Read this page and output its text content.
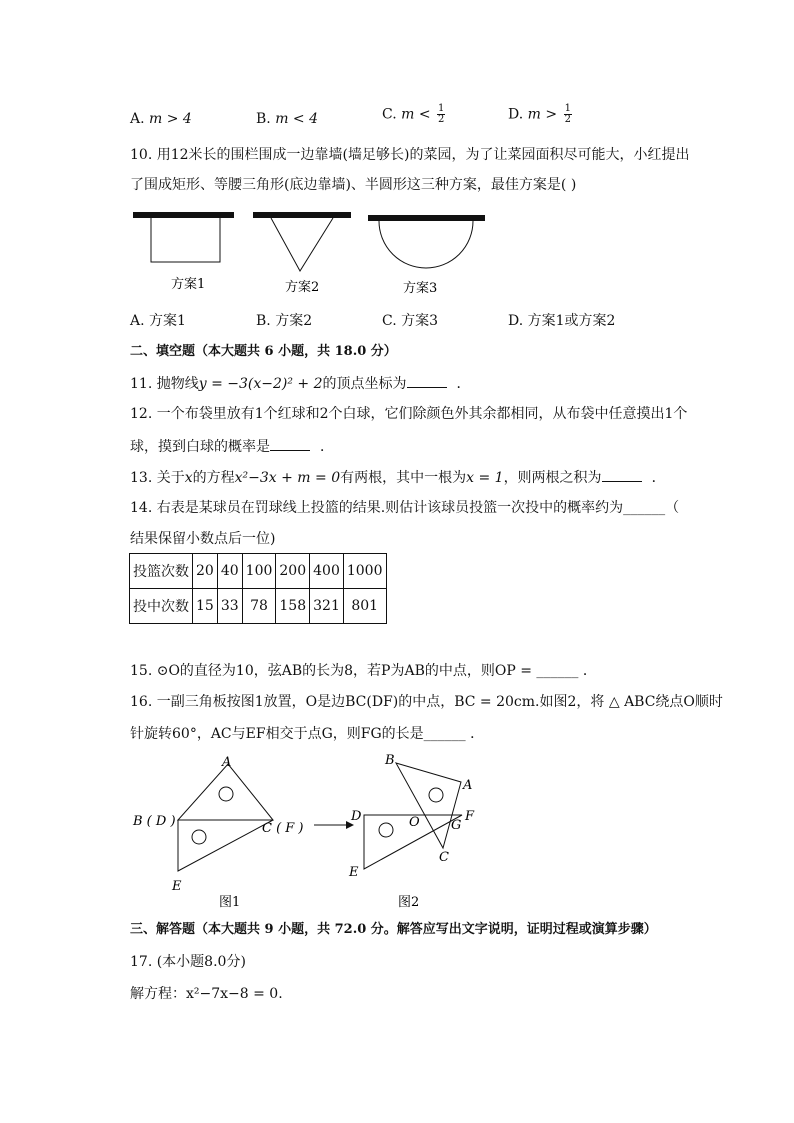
A. m > 4	B. m < 4	C. $m < \frac{1}{2}$	D. $m > \frac{1}{2}$
10. 用12米长的围栏围成一边靠墙(墙足够长)的菜园，为了让菜园面积尽可能大，小红提出
了围成矩形、等腰三角形(底边靠墙)、半圆形这三种方案，最佳方案是( )
方案1	方案2	方案3
A. 方案1	B. 方案2	C. 方案3	D. 方案1或方案2
二、填空题（本大题共 6 小题，共 18.0 分）
11. 抛物线y = −3(x−2)² + 2的顶点坐标为	．
12. 一个布袋里放有1个红球和2个白球，它们除颜色外其余都相同，从布袋中任意摸出1个
球，摸到白球的概率是	．
13. 关于x的方程x²−3x + m = 0有两根，其中一根为x = 1，则两根之积为	．
14. 右表是某球员在罚球线上投篮的结果.则估计该球员投篮一次投中的概率约为______（
结果保留小数点后一位)
投篮次数	20	40	100	200	400	1000
投中次数	15	33	78	158	321	801
15. ⊙O的直径为10，弦AB的长为8，若P为AB的中点，则OP = ______ ．
16. 一副三角板按图1放置，O是边BC(DF)的中点，BC = 20cm.如图2，将 △ ABC绕点O顺时
针旋转60°，AC与EF相交于点G，则FG的长是______ ．
A
B ( D )	C ( F )
E
图1
B
A
D	O	F
G
C
E
图2
三、解答题（本大题共 9 小题，共 72.0 分。解答应写出文字说明，证明过程或演算步骤）
17. (本小题8.0分)
解方程：x²−7x−8 = 0.
